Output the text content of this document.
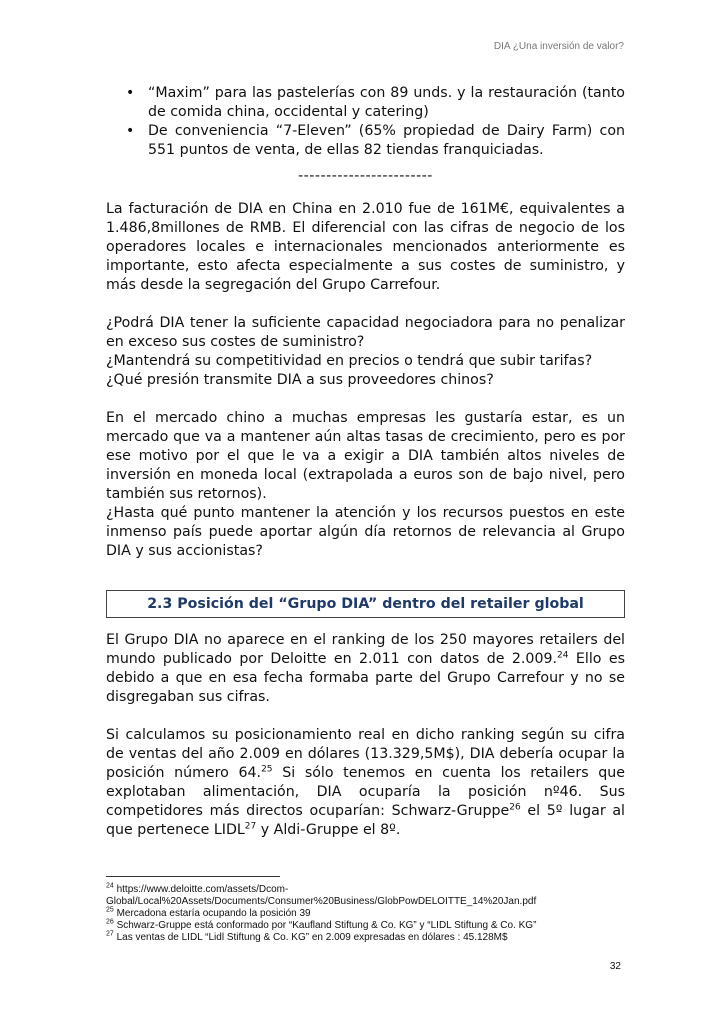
DIA ¿Una inversión de valor?
• “Maxim” para las pastelerías con 89 unds. y la restauración (tanto de comida china, occidental y catering)
• De conveniencia “7-Eleven” (65% propiedad de Dairy Farm) con 551 puntos de venta, de ellas 82 tiendas franquiciadas.
------------------------

La facturación de DIA en China en 2.010 fue de 161M€, equivalentes a 1.486,8millones de RMB. El diferencial con las cifras de negocio de los operadores locales e internacionales mencionados anteriormente es importante, esto afecta especialmente a sus costes de suministro, y más desde la segregación del Grupo Carrefour.

¿Podrá DIA tener la suficiente capacidad negociadora para no penalizar en exceso sus costes de suministro?

¿Mantendrá su competitividad en precios o tendrá que subir tarifas?

¿Qué presión transmite DIA a sus proveedores chinos?

En el mercado chino a muchas empresas les gustaría estar, es un mercado que va a mantener aún altas tasas de crecimiento, pero es por ese motivo por el que le va a exigir a DIA también altos niveles de inversión en moneda local (extrapolada a euros son de bajo nivel, pero también sus retornos).

¿Hasta qué punto mantener la atención y los recursos puestos en este inmenso país puede aportar algún día retornos de relevancia al Grupo DIA y sus accionistas?

2.3 Posición del “Grupo DIA” dentro del retailer global

El Grupo DIA no aparece en el ranking de los 250 mayores retailers del mundo publicado por Deloitte en 2.011 con datos de 2.009.24 Ello es debido a que en esa fecha formaba parte del Grupo Carrefour y no se disgregaban sus cifras.

Si calculamos su posicionamiento real en dicho ranking según su cifra de ventas del año 2.009 en dólares (13.329,5M$), DIA debería ocupar la posición número 64.25 Si sólo tenemos en cuenta los retailers que explotaban alimentación, DIA ocuparía la posición nº46. Sus competidores más directos ocuparían: Schwarz-Gruppe$^{26}$ el 5º lugar al que pertenece LIDL$^{27}$ y Aldi-Gruppe el 8º.

$^{24}$ https://www.deloitte.com/assets/Dcom-
Global/Local%20Assets/Documents/Consumer%20Business/GlobPowDELOITTE_14%20Jan.pdf
$^{25}$ Mercadona estaría ocupando la posición 39
$^{26}$ Schwarz-Gruppe está conformado por “Kaufland Stiftung & Co. KG” y “LIDL Stiftung & Co. KG”
$^{27}$ Las ventas de LIDL “Lidl Stiftung & Co. KG” en 2.009 expresadas en dólares : 45.128M$
32
